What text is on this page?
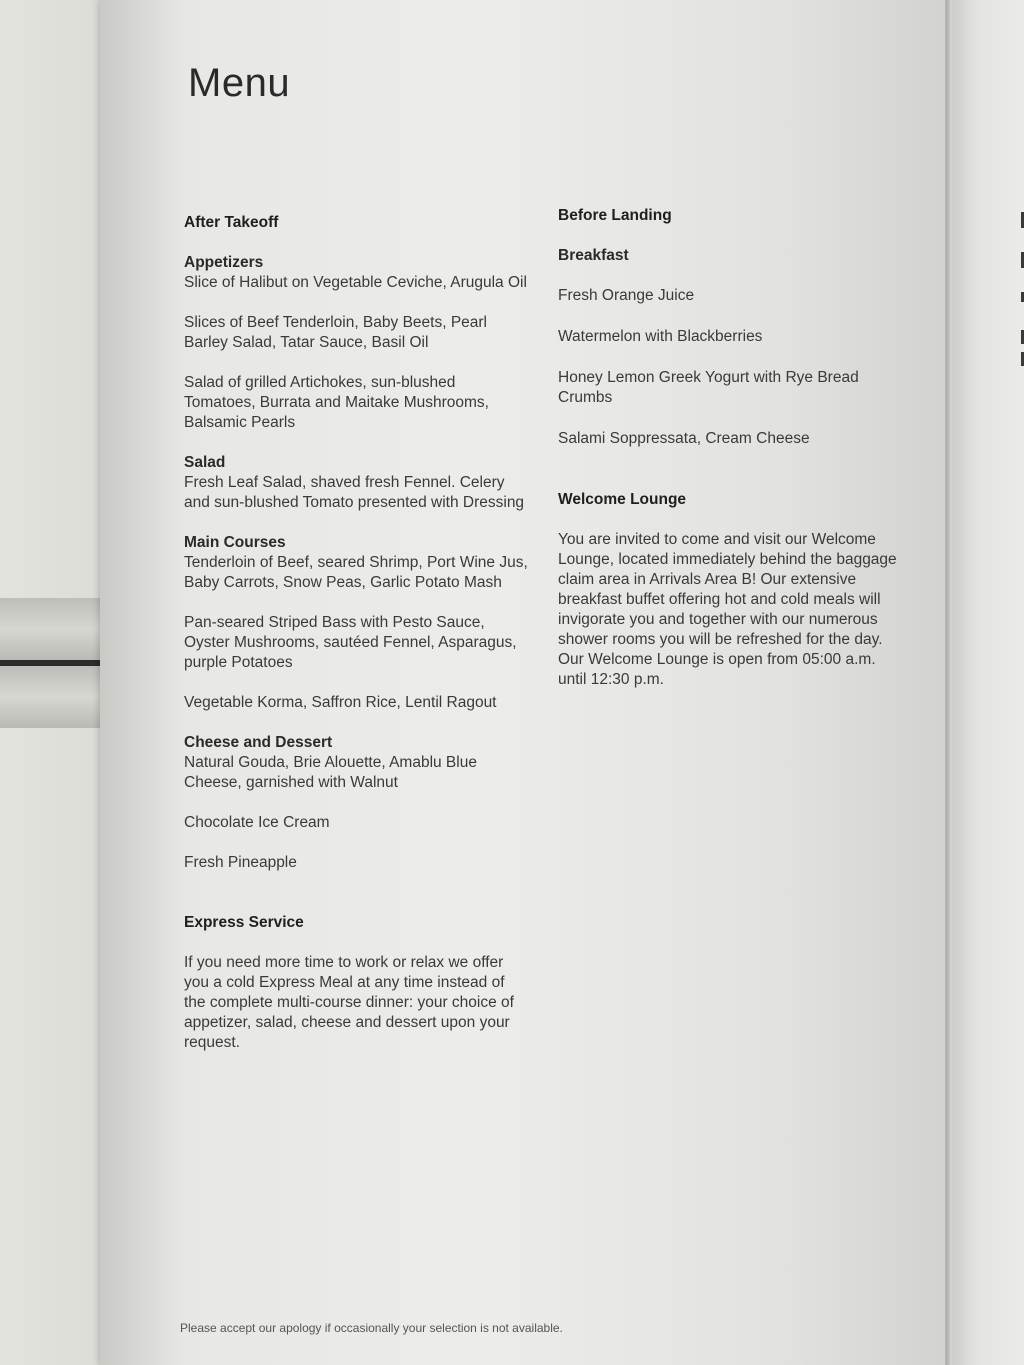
Menu

After Takeoff

Appetizers

Slice of Halibut on Vegetable Ceviche, Arugula Oil

Slices of Beef Tenderloin, Baby Beets, Pearl Barley Salad, Tatar Sauce, Basil Oil

Salad of grilled Artichokes, sun-blushed Tomatoes, Burrata and Maitake Mushrooms, Balsamic Pearls

Salad

Fresh Leaf Salad, shaved fresh Fennel. Celery and sun-blushed Tomato presented with Dressing

Main Courses

Tenderloin of Beef, seared Shrimp, Port Wine Jus, Baby Carrots, Snow Peas, Garlic Potato Mash

Pan-seared Striped Bass with Pesto Sauce, Oyster Mushrooms, sautéed Fennel, Asparagus, purple Potatoes

Vegetable Korma, Saffron Rice, Lentil Ragout

Cheese and Dessert

Natural Gouda, Brie Alouette, Amablu Blue Cheese, garnished with Walnut

Chocolate Ice Cream

Fresh Pineapple

Express Service

If you need more time to work or relax we offer you a cold Express Meal at any time instead of the complete multi-course dinner: your choice of appetizer, salad, cheese and dessert upon your request.

Before Landing

Breakfast

Fresh Orange Juice

Watermelon with Blackberries

Honey Lemon Greek Yogurt with Rye Bread Crumbs

Salami Soppressata, Cream Cheese

Welcome Lounge

You are invited to come and visit our Welcome Lounge, located immediately behind the baggage claim area in Arrivals Area B! Our extensive breakfast buffet offering hot and cold meals will invigorate you and together with our numerous shower rooms you will be refreshed for the day. Our Welcome Lounge is open from 05:00 a.m. until 12:30 p.m.

Please accept our apology if occasionally your selection is not available.
